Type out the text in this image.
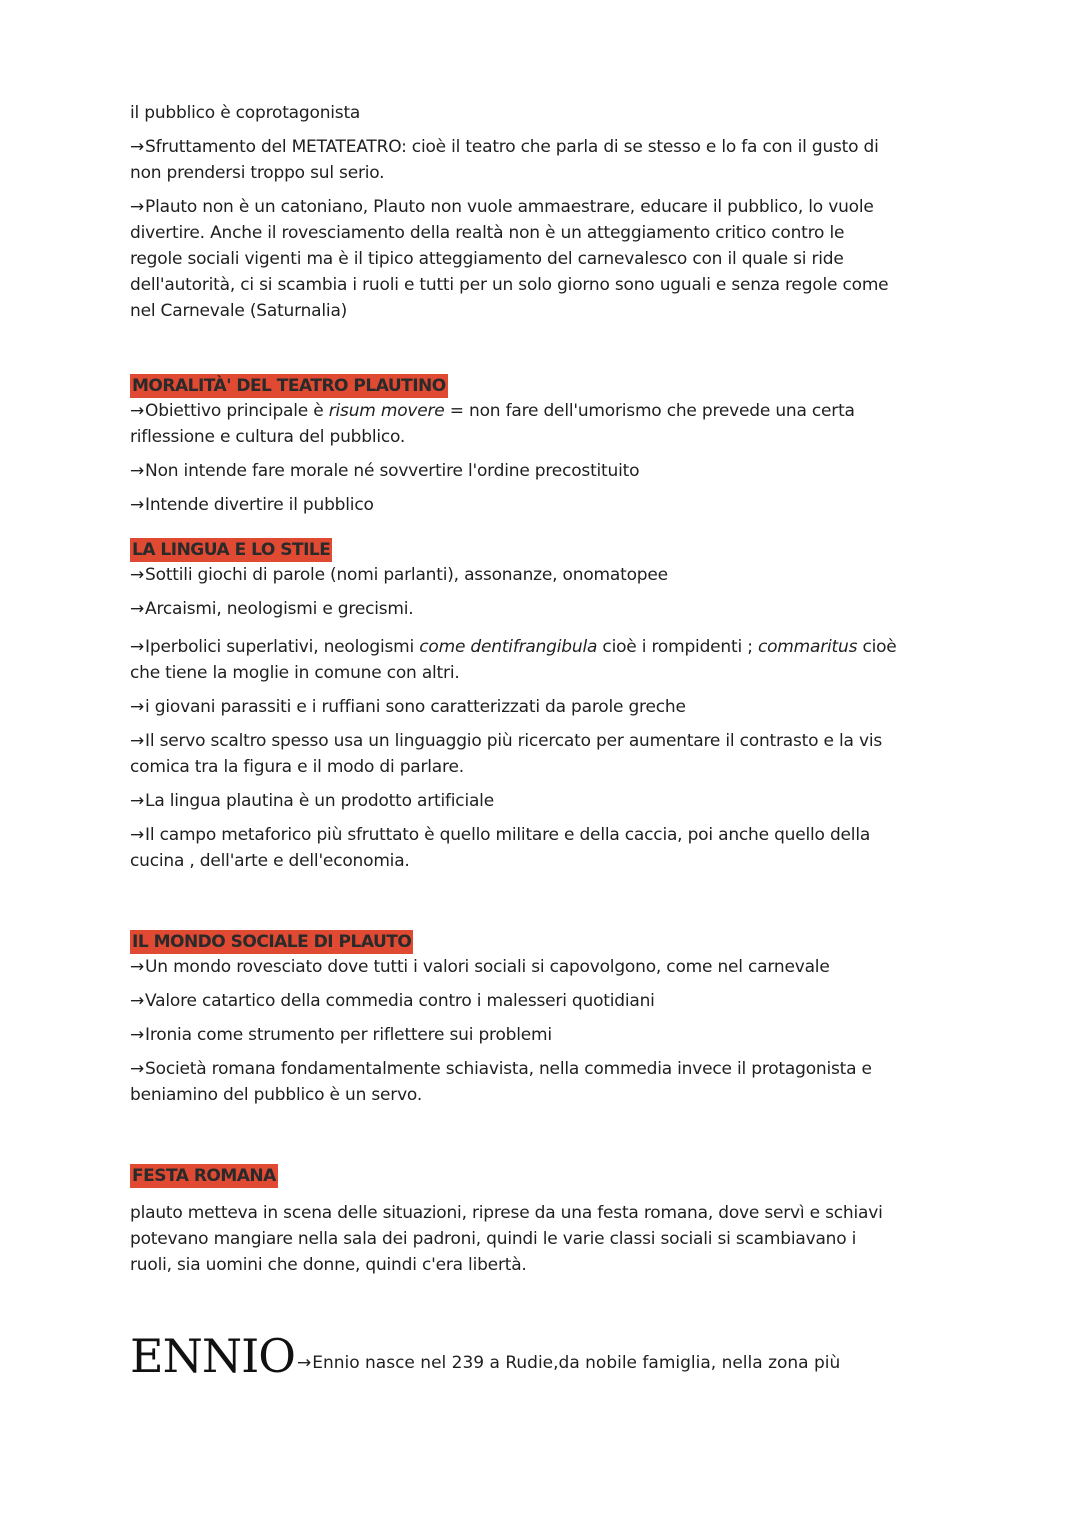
il pubblico è coprotagonista

→Sfruttamento del METATEATRO: cioè il teatro che parla di se stesso e lo fa con il gusto di

non prendersi troppo sul serio.

→Plauto non è un catoniano, Plauto non vuole ammaestrare, educare il pubblico, lo vuole

divertire. Anche il rovesciamento della realtà non è un atteggiamento critico contro le

regole sociali vigenti ma è il tipico atteggiamento del carnevalesco con il quale si ride

dell'autorità, ci si scambia i ruoli e tutti per un solo giorno sono uguali e senza regole come

nel Carnevale (Saturnalia)

MORALITÀ' DEL TEATRO PLAUTINO

→Obiettivo principale è risum movere = non fare dell'umorismo che prevede una certa

riflessione e cultura del pubblico.

→Non intende fare morale né sovvertire l'ordine precostituito

→Intende divertire il pubblico

LA LINGUA E LO STILE

→Sottili giochi di parole (nomi parlanti), assonanze, onomatopee

→Arcaismi, neologismi e grecismi.

→Iperbolici superlativi, neologismi come dentifrangibula cioè i rompidenti ; commaritus cioè

che tiene la moglie in comune con altri.

→i giovani parassiti e i ruffiani sono caratterizzati da parole greche

→Il servo scaltro spesso usa un linguaggio più ricercato per aumentare il contrasto e la vis

comica tra la figura e il modo di parlare.

→La lingua plautina è un prodotto artificiale

→Il campo metaforico più sfruttato è quello militare e della caccia, poi anche quello della

cucina , dell'arte e dell'economia.

IL MONDO SOCIALE DI PLAUTO

→Un mondo rovesciato dove tutti i valori sociali si capovolgono, come nel carnevale

→Valore catartico della commedia contro i malesseri quotidiani

→Ironia come strumento per riflettere sui problemi

→Società romana fondamentalmente schiavista, nella commedia invece il protagonista e

beniamino del pubblico è un servo.

FESTA ROMANA

plauto metteva in scena delle situazioni, riprese da una festa romana, dove servì e schiavi

potevano mangiare nella sala dei padroni, quindi le varie classi sociali si scambiavano i

ruoli, sia uomini che donne, quindi c'era libertà.

ENNIO →Ennio nasce nel 239 a Rudie,da nobile famiglia, nella zona più
